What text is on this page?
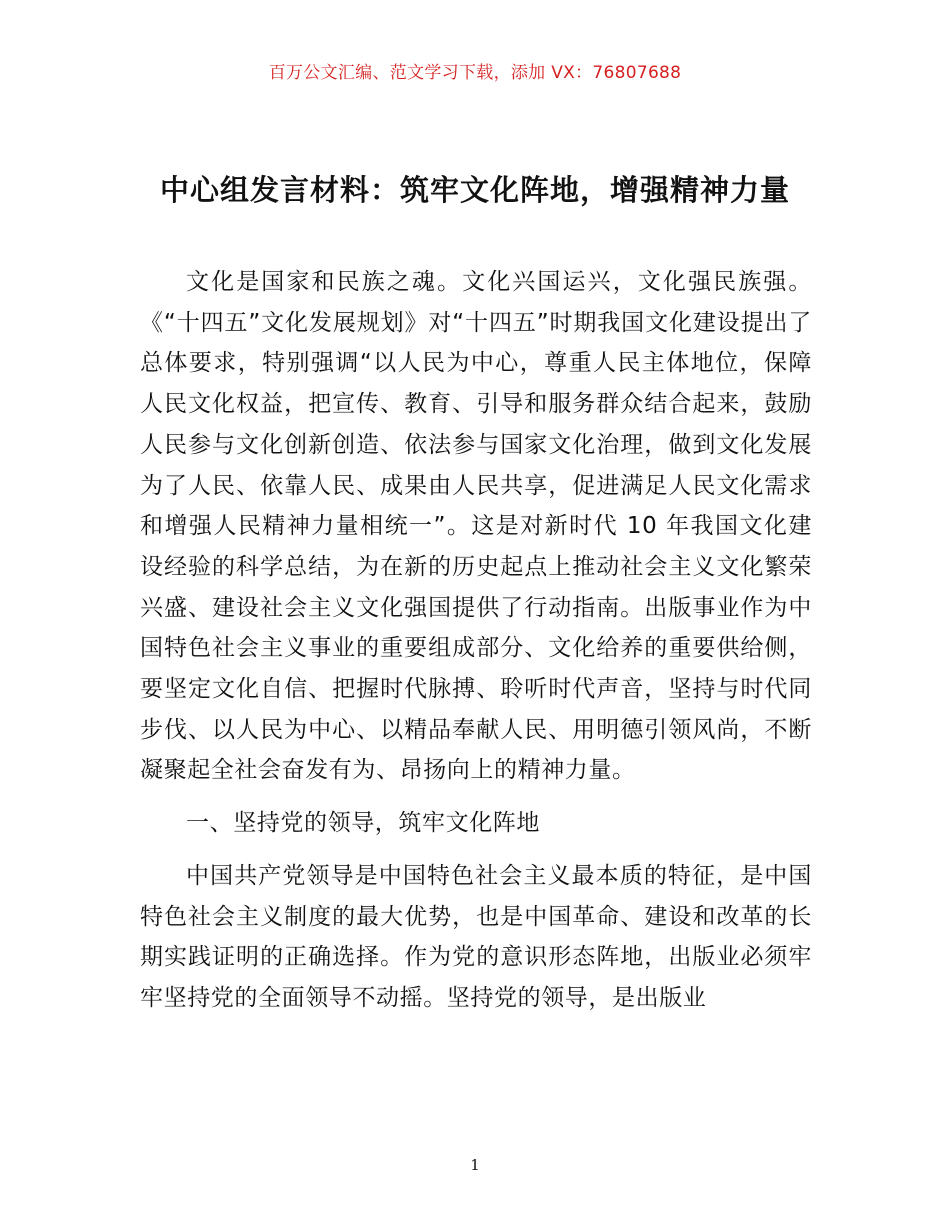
百万公文汇编、范文学习下载，添加 VX：76807688
中心组发言材料：筑牢文化阵地，增强精神力量

文化是国家和民族之魂。文化兴国运兴，文化强民族强。《“十四五”文化发展规划》对“十四五”时期我国文化建设提出了总体要求，特别强调“以人民为中心，尊重人民主体地位，保障人民文化权益，把宣传、教育、引导和服务群众结合起来，鼓励人民参与文化创新创造、依法参与国家文化治理，做到文化发展为了人民、依靠人民、成果由人民共享，促进满足人民文化需求和增强人民精神力量相统一”。这是对新时代 10 年我国文化建设经验的科学总结，为在新的历史起点上推动社会主义文化繁荣兴盛、建设社会主义文化强国提供了行动指南。出版事业作为中国特色社会主义事业的重要组成部分、文化给养的重要供给侧，要坚定文化自信、把握时代脉搏、聆听时代声音，坚持与时代同步伐、以人民为中心、以精品奉献人民、用明德引领风尚，不断凝聚起全社会奋发有为、昂扬向上的精神力量。

一、坚持党的领导，筑牢文化阵地

中国共产党领导是中国特色社会主义最本质的特征，是中国特色社会主义制度的最大优势，也是中国革命、建设和改革的长期实践证明的正确选择。作为党的意识形态阵地，出版业必须牢牢坚持党的全面领导不动摇。坚持党的领导，是出版业

1
